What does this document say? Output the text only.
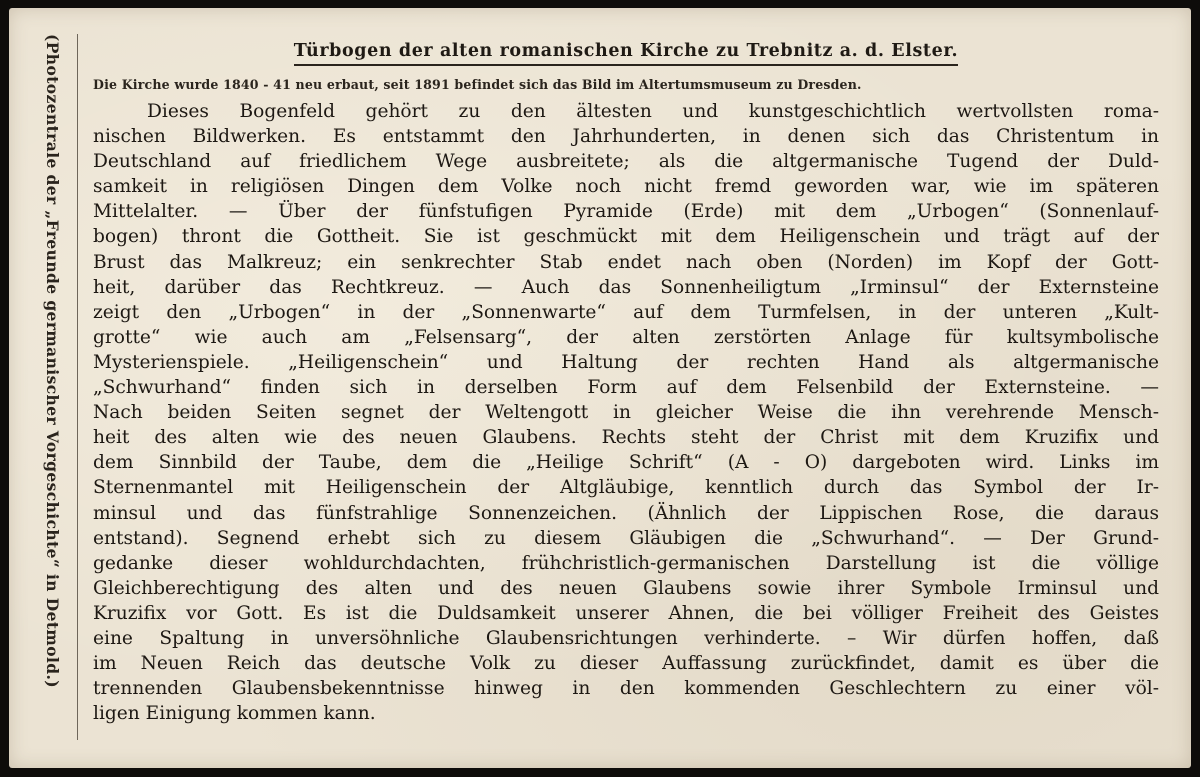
(Photozentrale der „Freunde germanischer Vorgeschichte“ in Detmold.)	Türbogen der alten romanischen Kirche zu Trebnitz a. d. Elster.
Die Kirche wurde 1840 - 41 neu erbaut, seit 1891 befindet sich das Bild im Altertumsmuseum zu Dresden.
Dieses Bogenfeld gehört zu den ältesten und kunstgeschichtlich wertvollsten roma-
nischen Bildwerken. Es entstammt den Jahrhunderten, in denen sich das Christentum in
Deutschland auf friedlichem Wege ausbreitete; als die altgermanische Tugend der Duld-
samkeit in religiösen Dingen dem Volke noch nicht fremd geworden war, wie im späteren
Mittelalter. — Über der fünfstufigen Pyramide (Erde) mit dem „Urbogen“ (Sonnenlauf-
bogen) thront die Gottheit. Sie ist geschmückt mit dem Heiligenschein und trägt auf der
Brust das Malkreuz; ein senkrechter Stab endet nach oben (Norden) im Kopf der Gott-
heit, darüber das Rechtkreuz. — Auch das Sonnenheiligtum „Irminsul“ der Externsteine
zeigt den „Urbogen“ in der „Sonnenwarte“ auf dem Turmfelsen, in der unteren „Kult-
grotte“ wie auch am „Felsensarg“, der alten zerstörten Anlage für kultsymbolische
Mysterienspiele. „Heiligenschein“ und Haltung der rechten Hand als altgermanische
„Schwurhand“ finden sich in derselben Form auf dem Felsenbild der Externsteine. —
Nach beiden Seiten segnet der Weltengott in gleicher Weise die ihn verehrende Mensch-
heit des alten wie des neuen Glaubens. Rechts steht der Christ mit dem Kruzifix und
dem Sinnbild der Taube, dem die „Heilige Schrift“ (A - O) dargeboten wird. Links im
Sternenmantel mit Heiligenschein der Altgläubige, kenntlich durch das Symbol der Ir-
minsul und das fünfstrahlige Sonnenzeichen. (Ähnlich der Lippischen Rose, die daraus
entstand). Segnend erhebt sich zu diesem Gläubigen die „Schwurhand“. — Der Grund-
gedanke dieser wohldurchdachten, frühchristlich-germanischen Darstellung ist die völlige
Gleichberechtigung des alten und des neuen Glaubens sowie ihrer Symbole Irminsul und
Kruzifix vor Gott. Es ist die Duldsamkeit unserer Ahnen, die bei völliger Freiheit des Geistes
eine Spaltung in unversöhnliche Glaubensrichtungen verhinderte. – Wir dürfen hoffen, daß
im Neuen Reich das deutsche Volk zu dieser Auffassung zurückfindet, damit es über die
trennenden Glaubensbekenntnisse hinweg in den kommenden Geschlechtern zu einer völ-
ligen Einigung kommen kann.
